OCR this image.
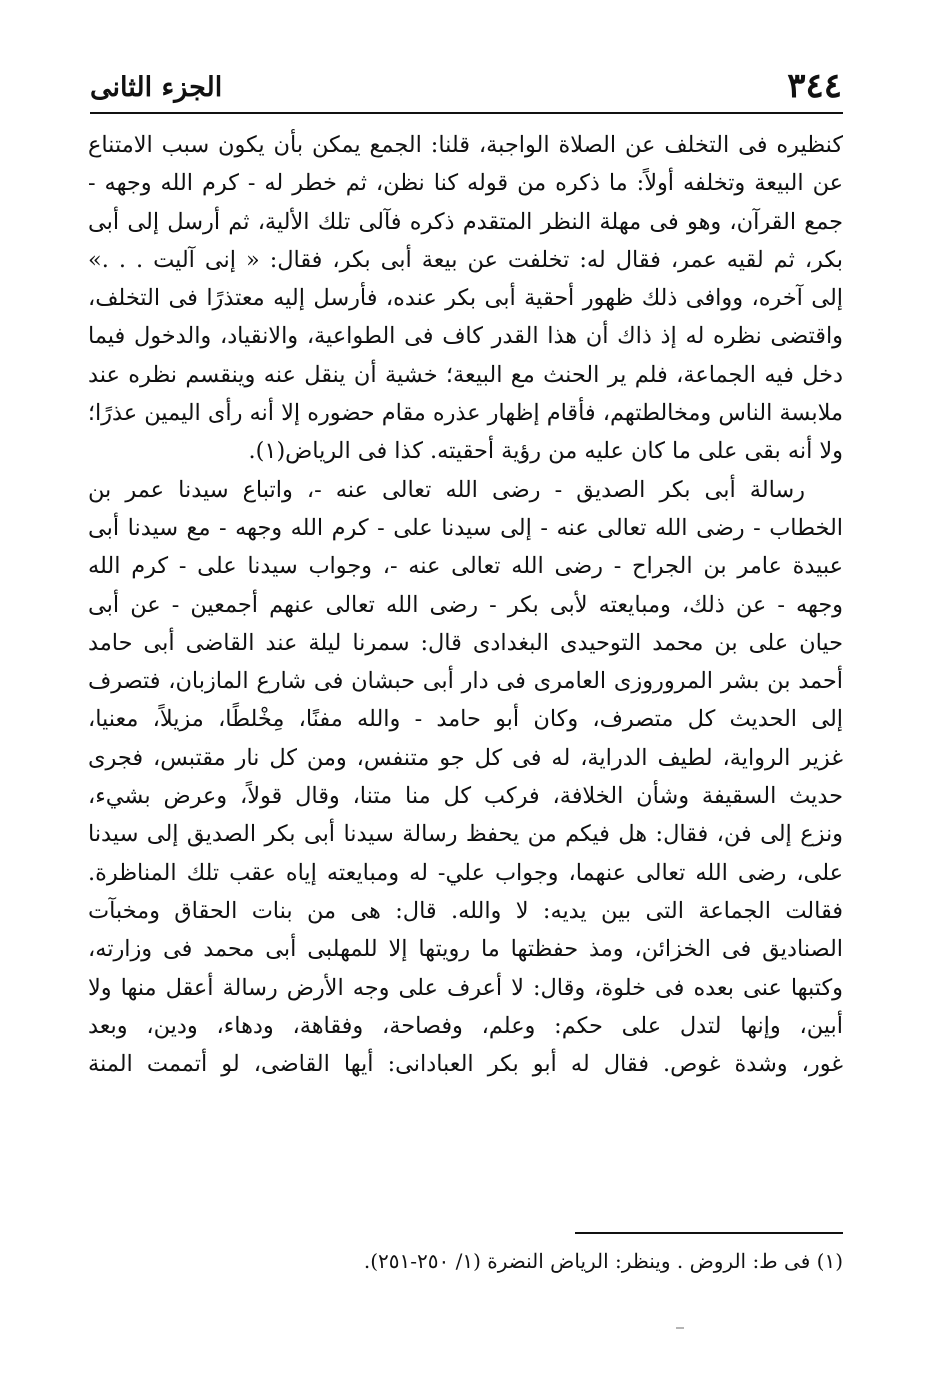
٣٤٤
الجزء الثانى
كنظيره فى التخلف عن الصلاة الواجبة، قلنا: الجمع يمكن بأن يكون سبب الامتناع
عن البيعة وتخلفه أولاً: ما ذكره من قوله كنا نظن، ثم خطر له - كرم الله وجهه -
جمع القرآن، وهو فى مهلة النظر المتقدم ذكره فآلى تلك الألية، ثم أرسل إلى أبى
بكر، ثم لقيه عمر، فقال له: تخلفت عن بيعة أبى بكر، فقال: « إنى آليت . . .»
إلى آخره، ووافى ذلك ظهور أحقية أبى بكر عنده، فأرسل إليه معتذرًا فى التخلف،
واقتضى نظره له إذ ذاك أن هذا القدر كاف فى الطواعية، والانقياد، والدخول فيما
دخل فيه الجماعة، فلم ير الحنث مع البيعة؛ خشية أن ينقل عنه وينقسم نظره عند
ملابسة الناس ومخالطتهم، فأقام إظهار عذره مقام حضوره إلا أنه رأى اليمين عذرًا؛
ولا أنه بقى على ما كان عليه من رؤية أحقيته. كذا فى الرياض(١).
رسالة أبى بكر الصديق - رضى الله تعالى عنه -، واتباع سيدنا عمر بن
الخطاب - رضى الله تعالى عنه - إلى سيدنا على - كرم الله وجهه - مع سيدنا أبى
عبيدة عامر بن الجراح - رضى الله تعالى عنه -، وجواب سيدنا على - كرم الله
وجهه - عن ذلك، ومبايعته لأبى بكر - رضى الله تعالى عنهم أجمعين - عن أبى
حيان على بن محمد التوحيدى البغدادى قال: سمرنا ليلة عند القاضى أبى حامد
أحمد بن بشر المروروزى العامرى فى دار أبى حبشان فى شارع المازبان، فتصرف
إلى الحديث كل متصرف، وكان أبو حامد - والله مفنًا، مِخْلطًا، مزيلاً، معنيا،
غزير الرواية، لطيف الدراية، له فى كل جو متنفس، ومن كل نار مقتبس، فجرى
حديث السقيفة وشأن الخلافة، فركب كل منا متنا، وقال قولاً، وعرض بشيء،
ونزع إلى فن، فقال: هل فيكم من يحفظ رسالة سيدنا أبى بكر الصديق إلى سيدنا
على، رضى الله تعالى عنهما، وجواب علي- له ومبايعته إياه عقب تلك المناظرة.
فقالت الجماعة التى بين يديه: لا والله. قال: هى من بنات الحقاق ومخبآت
الصناديق فى الخزائن، ومذ حفظتها ما رويتها إلا للمهلبى أبى محمد فى وزارته،
وكتبها عنى بعده فى خلوة، وقال: لا أعرف على وجه الأرض رسالة أعقل منها ولا
أبين، وإنها لتدل على حكم: وعلم، وفصاحة، وفقاهة، ودهاء، ودين، وبعد
غور، وشدة غوص. فقال له أبو بكر العبادانى: أيها القاضى، لو أتممت المنة
(١) فى ط: الروض . وينظر: الرياض النضرة (١/ ٢٥٠-٢٥١).
